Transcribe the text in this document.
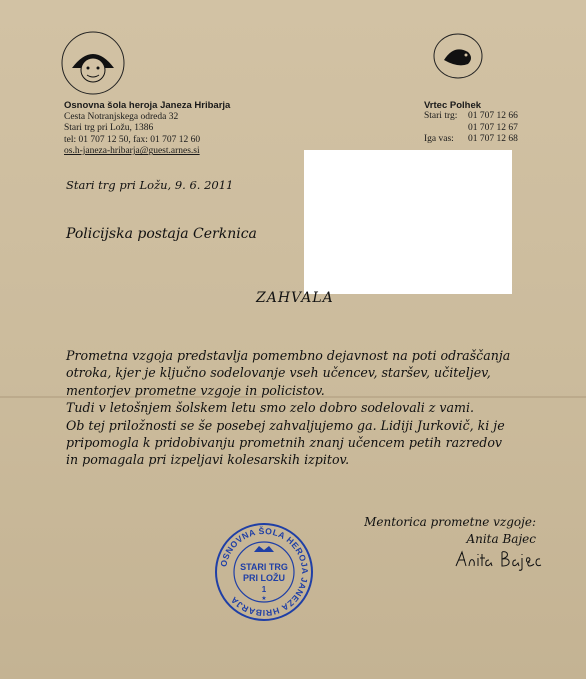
Osnovna šola heroja Janeza Hribarja
Cesta Notranjskega odreda 32
Stari trg pri Ložu, 1386
tel: 01 707 12 50, fax: 01 707 12 60
os.h-janeza-hribarja@guest.arnes.si
Vrtec Polhek
Stari trg:	01 707 12 66
01 707 12 67
Iga vas:	01 707 12 68
Stari trg pri Ložu, 9. 6. 2011
Policijska postaja Cerknica
ZAHVALA
Prometna vzgoja predstavlja pomembno dejavnost na poti odraščanja
otroka, kjer je ključno sodelovanje vseh učencev, staršev, učiteljev,
mentorjev prometne vzgoje in policistov.
Tudi v letošnjem šolskem letu smo zelo dobro sodelovali z vami.
Ob tej priložnosti se še posebej zahvaljujemo ga. Lidiji Jurkovič, ki je
pripomogla k pridobivanju prometnih znanj učencem petih razredov
in pomagala pri izpeljavi kolesarskih izpitov.
Mentorica prometne vzgoje:
Anita Bajec
OSNOVNA ŠOLA HEROJA JANEZA HRIBARJA
STARI TRG
PRI LOŽU
1
★
